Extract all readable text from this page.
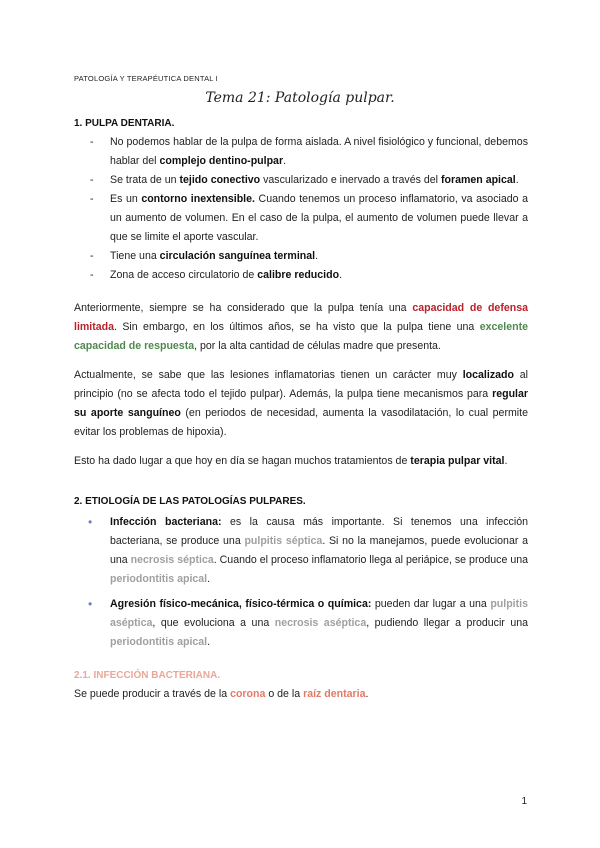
PATOLOGÍA Y TERAPÉUTICA DENTAL I
Tema 21: Patología pulpar.
1. PULPA DENTARIA.
- No podemos hablar de la pulpa de forma aislada. A nivel fisiológico y funcional, debemos hablar del complejo dentino-pulpar.
- Se trata de un tejido conectivo vascularizado e inervado a través del foramen apical.
- Es un contorno inextensible. Cuando tenemos un proceso inflamatorio, va asociado a un aumento de volumen. En el caso de la pulpa, el aumento de volumen puede llevar a que se limite el aporte vascular.
- Tiene una circulación sanguínea terminal.
- Zona de acceso circulatorio de calibre reducido.

Anteriormente, siempre se ha considerado que la pulpa tenía una capacidad de defensa limitada. Sin embargo, en los últimos años, se ha visto que la pulpa tiene una excelente capacidad de respuesta, por la alta cantidad de células madre que presenta.

Actualmente, se sabe que las lesiones inflamatorias tienen un carácter muy localizado al principio (no se afecta todo el tejido pulpar). Además, la pulpa tiene mecanismos para regular su aporte sanguíneo (en periodos de necesidad, aumenta la vasodilatación, lo cual permite evitar los problemas de hipoxia).

Esto ha dado lugar a que hoy en día se hagan muchos tratamientos de terapia pulpar vital.

2. ETIOLOGÍA DE LAS PATOLOGÍAS PULPARES.
• Infección bacteriana: es la causa más importante. Si tenemos una infección bacteriana, se produce una pulpitis séptica. Si no la manejamos, puede evolucionar a una necrosis séptica. Cuando el proceso inflamatorio llega al periápice, se produce una periodontitis apical.
• Agresión físico-mecánica, físico-térmica o química: pueden dar lugar a una pulpitis aséptica, que evoluciona a una necrosis aséptica, pudiendo llegar a producir una periodontitis apical.
2.1. INFECCIÓN BACTERIANA.

Se puede producir a través de la corona o de la raíz dentaria.

1
